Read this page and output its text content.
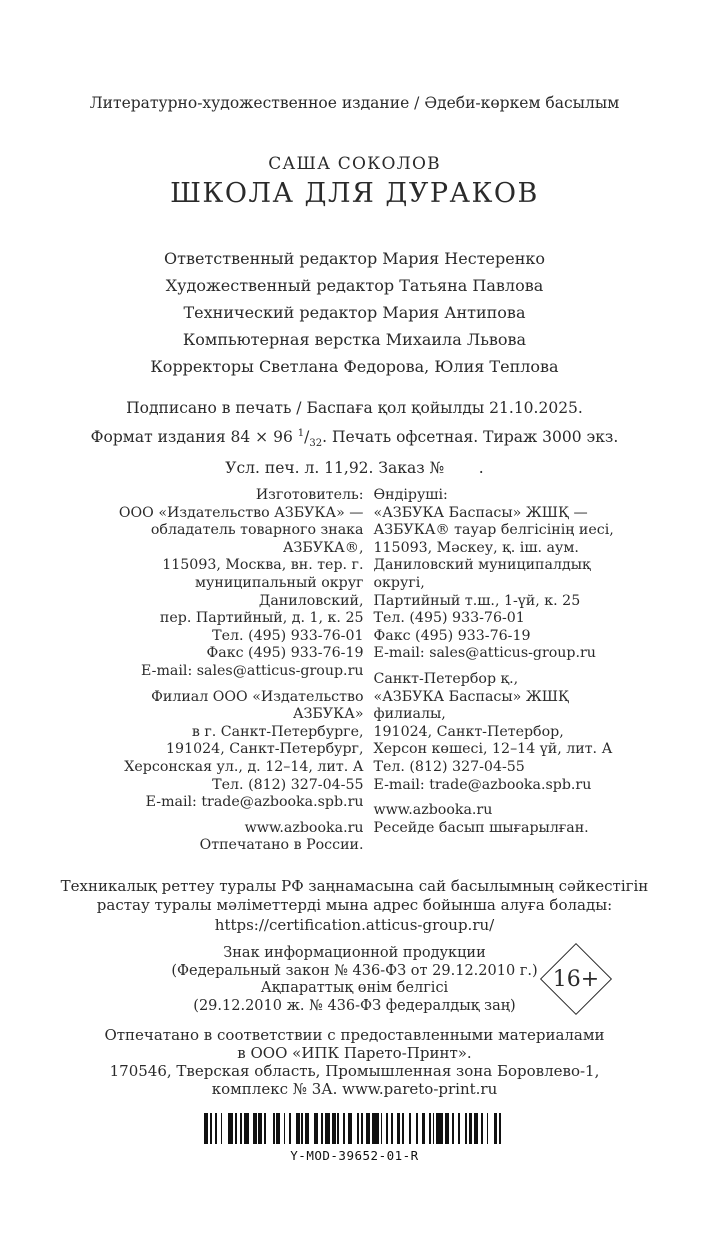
Литературно-художественное издание / Әдеби-көркем басылым
САША СОКОЛОВ
ШКОЛА ДЛЯ ДУРАКОВ
Ответственный редактор Мария Нестеренко
Художественный редактор Татьяна Павлова
Технический редактор Мария Антипова
Компьютерная верстка Михаила Львова
Корректоры Светлана Федорова, Юлия Теплова
Подписано в печать / Баспаға қол қойылды 21.10.2025.
Формат издания 84 × 96 $^1/_{32}$. Печать офсетная. Тираж 3000 экз.
Усл. печ. л. 11,92. Заказ №       .
Изготовитель:
ООО «Издательство АЗБУКА» —
обладатель товарного знака АЗБУКА®,
115093, Москва, вн. тер. г.
муниципальный округ Даниловский,
пер. Партийный, д. 1, к. 25
Тел. (495) 933-76-01
Факс (495) 933-76-19
E-mail: sales@atticus-group.ru
Филиал ООО «Издательство АЗБУКА»
в г. Санкт-Петербурге,
191024, Санкт-Петербург,
Херсонская ул., д. 12–14, лит. А
Тел. (812) 327-04-55
E-mail: trade@azbooka.spb.ru
www.azbooka.ru
Отпечатано в России.
Өндіруші:
«АЗБУКА Баспасы» ЖШҚ —
АЗБУКА® тауар белгісінің иесі,
115093, Мәскеу, қ. іш. аум.
Даниловский муниципалдық округі,
Партийный т.ш., 1-үй, к. 25
Тел. (495) 933-76-01
Факс (495) 933-76-19
E-mail: sales@atticus-group.ru
Санкт-Петербор қ.,
«АЗБУКА Баспасы» ЖШҚ филиалы,
191024, Санкт-Петербор,
Херсон көшесі, 12–14 үй, лит. А
Тел. (812) 327-04-55
E-mail: trade@azbooka.spb.ru
www.azbooka.ru
Ресейде басып шығарылған.
Техникалық реттеу туралы РФ заңнамасына сай басылымның сәйкестігін
растау туралы мәліметтерді мына адрес бойынша алуға болады:
https://certification.atticus-group.ru/
Знак информационной продукции
(Федеральный закон № 436-ФЗ от 29.12.2010 г.)
Ақпараттық өнім белгісі
(29.12.2010 ж. № 436-ФЗ федералдық заң)
16+
Отпечатано в соответствии с предоставленными материалами
в ООО «ИПК Парето-Принт».
170546, Тверская область, Промышленная зона Боровлево-1,
комплекс № 3А. www.pareto-print.ru
Y-MOD-39652-01-R
